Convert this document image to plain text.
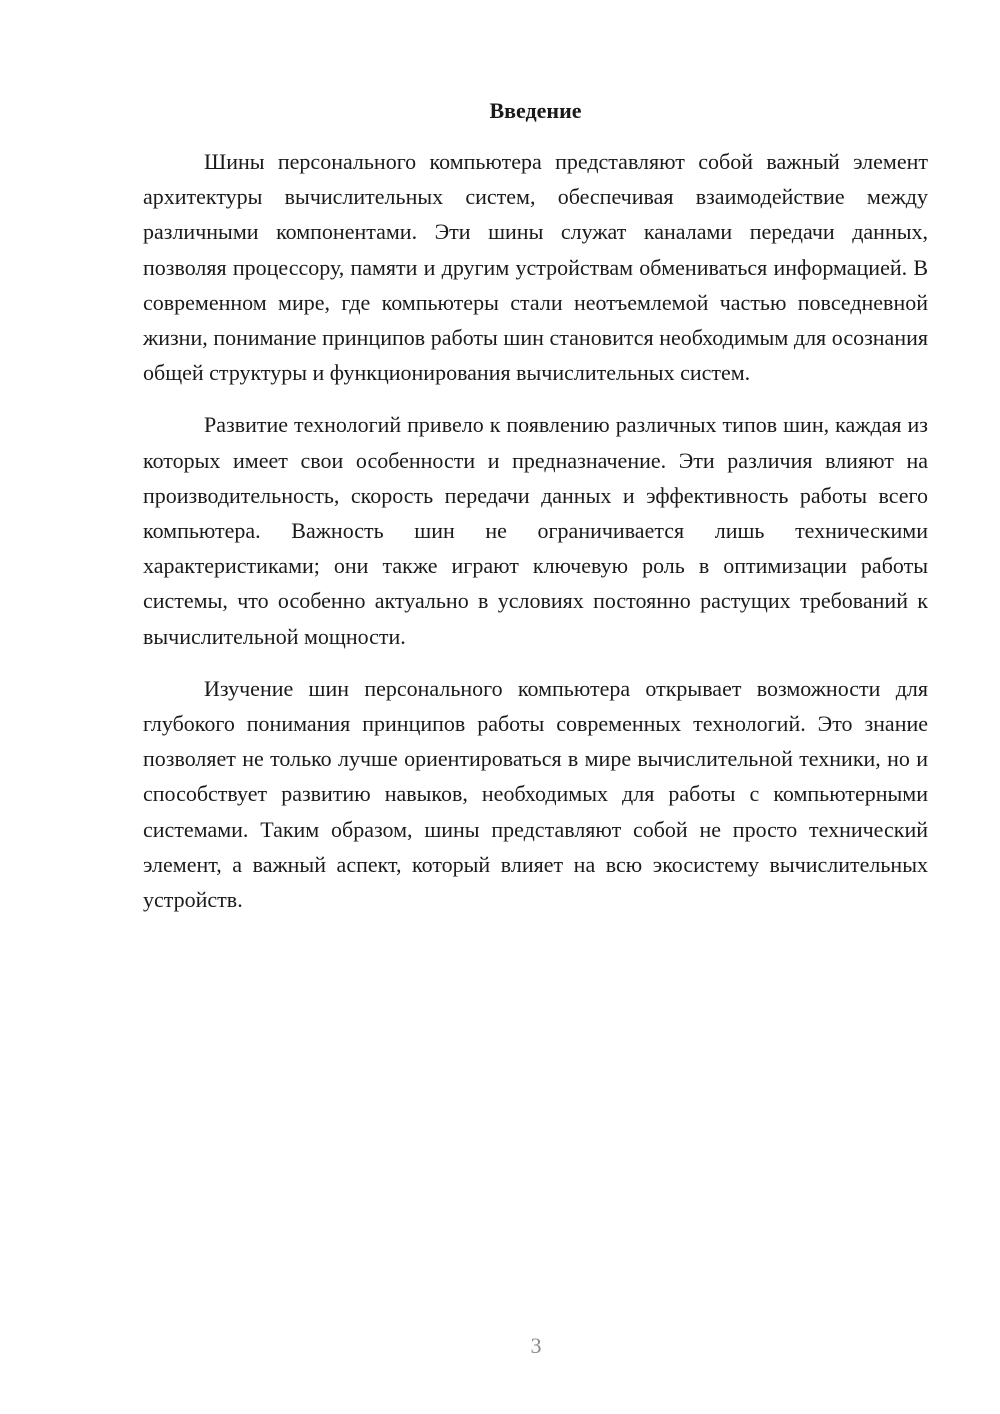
Введение

Шины персонального компьютера представляют собой важный элемент архитектуры вычислительных систем, обеспечивая взаимодействие между различными компонентами. Эти шины служат каналами передачи данных, позволяя процессору, памяти и другим устройствам обмениваться информацией. В современном мире, где компьютеры стали неотъемлемой частью повседневной жизни, понимание принципов работы шин становится необходимым для осознания общей структуры и функционирования вычислительных систем.

Развитие технологий привело к появлению различных типов шин, каждая из которых имеет свои особенности и предназначение. Эти различия влияют на производительность, скорость передачи данных и эффективность работы всего компьютера. Важность шин не ограничивается лишь техническими характеристиками; они также играют ключевую роль в оптимизации работы системы, что особенно актуально в условиях постоянно растущих требований к вычислительной мощности.

Изучение шин персонального компьютера открывает возможности для глубокого понимания принципов работы современных технологий. Это знание позволяет не только лучше ориентироваться в мире вычислительной техники, но и способствует развитию навыков, необходимых для работы с компьютерными системами. Таким образом, шины представляют собой не просто технический элемент, а важный аспект, который влияет на всю экосистему вычислительных устройств.

3
